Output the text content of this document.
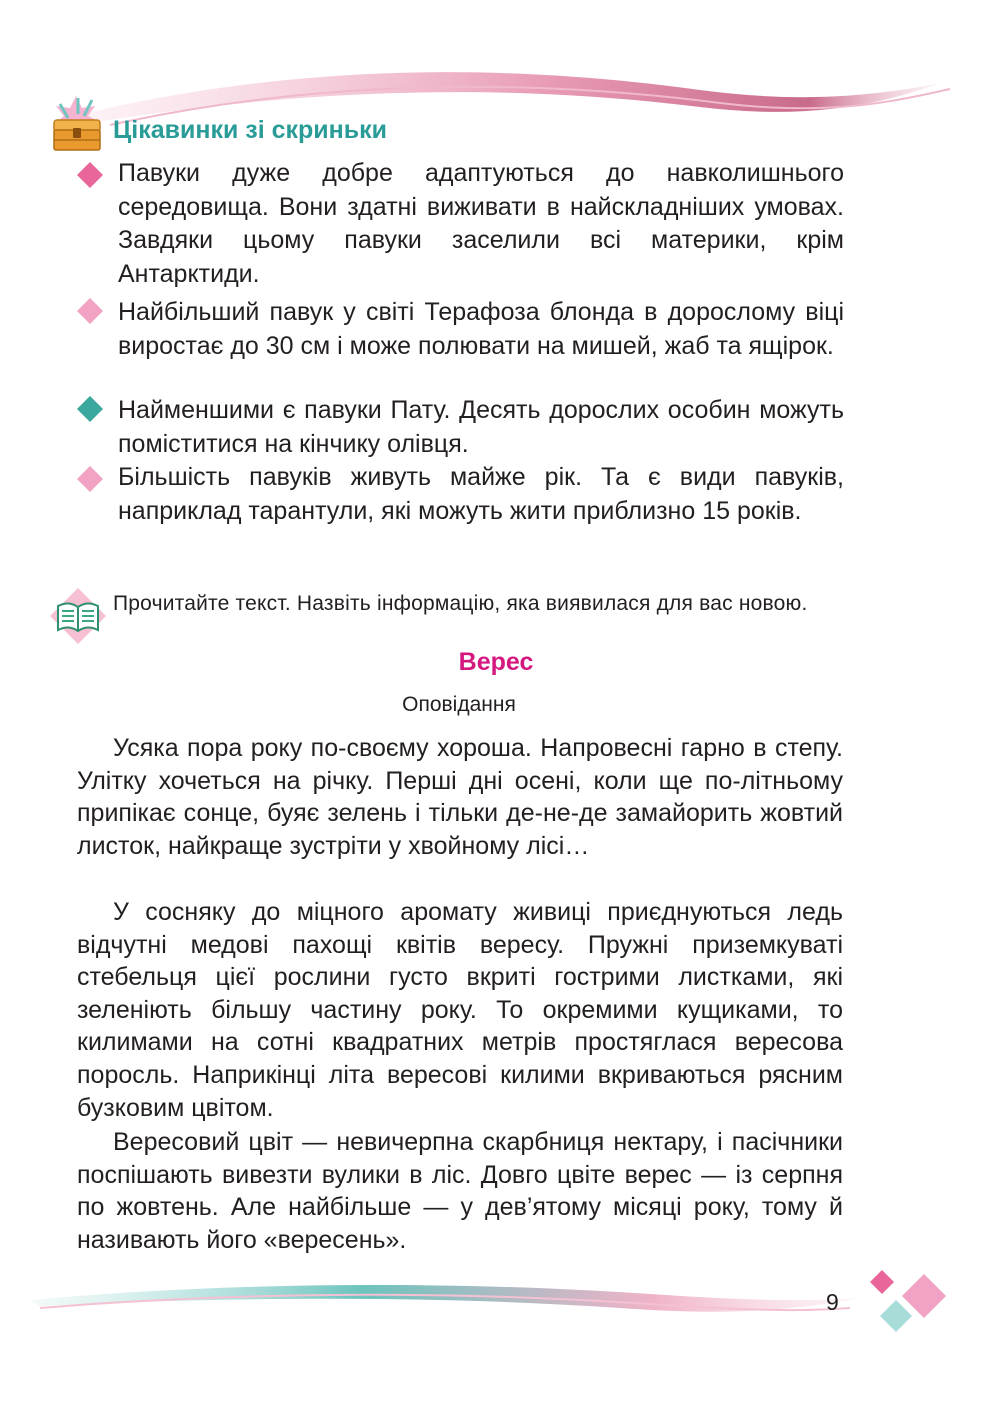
Цікавинки зі скриньки
Павуки дуже добре адаптуються до навколишнього середовища. Вони здатні виживати в найскладніших умовах. Завдяки цьому павуки заселили всі материки, крім Антарктиди.
Найбільший павук у світі Терафоза блонда в дорослому віці виростає до 30 см і може полювати на мишей, жаб та ящірок.
Найменшими є павуки Пату. Десять дорослих особин можуть поміститися на кінчику олівця.
Більшість павуків живуть майже рік. Та є види павуків, наприклад тарантули, які можуть жити приблизно 15 років.
Прочитайте текст. Назвіть інформацію, яка виявилася для вас новою.
Верес
Оповідання

Усяка пора року по-своєму хороша. Напровесні гарно в степу. Улітку хочеться на річку. Перші дні осені, коли ще по-літньому припікає сонце, буяє зелень і тільки де-не-де замайорить жовтий листок, найкраще зустріти у хвойному лісі…

У сосняку до міцного аромату живиці приєднуються ледь відчутні медові пахощі квітів вересу. Пружні приземкуваті стебельця цієї рослини густо вкриті гострими листками, які зеленіють більшу частину року. То окремими кущиками, то килимами на сотні квадратних метрів простяглася вересова поросль. Наприкінці літа вересові килими вкриваються рясним бузковим цвітом.

Вересовий цвіт — невичерпна скарбниця нектару, і пасічники поспішають вивезти вулики в ліс. Довго цвіте верес — із серпня по жовтень. Але найбільше — у дев’ятому місяці року, тому й називають його «вересень».

9
